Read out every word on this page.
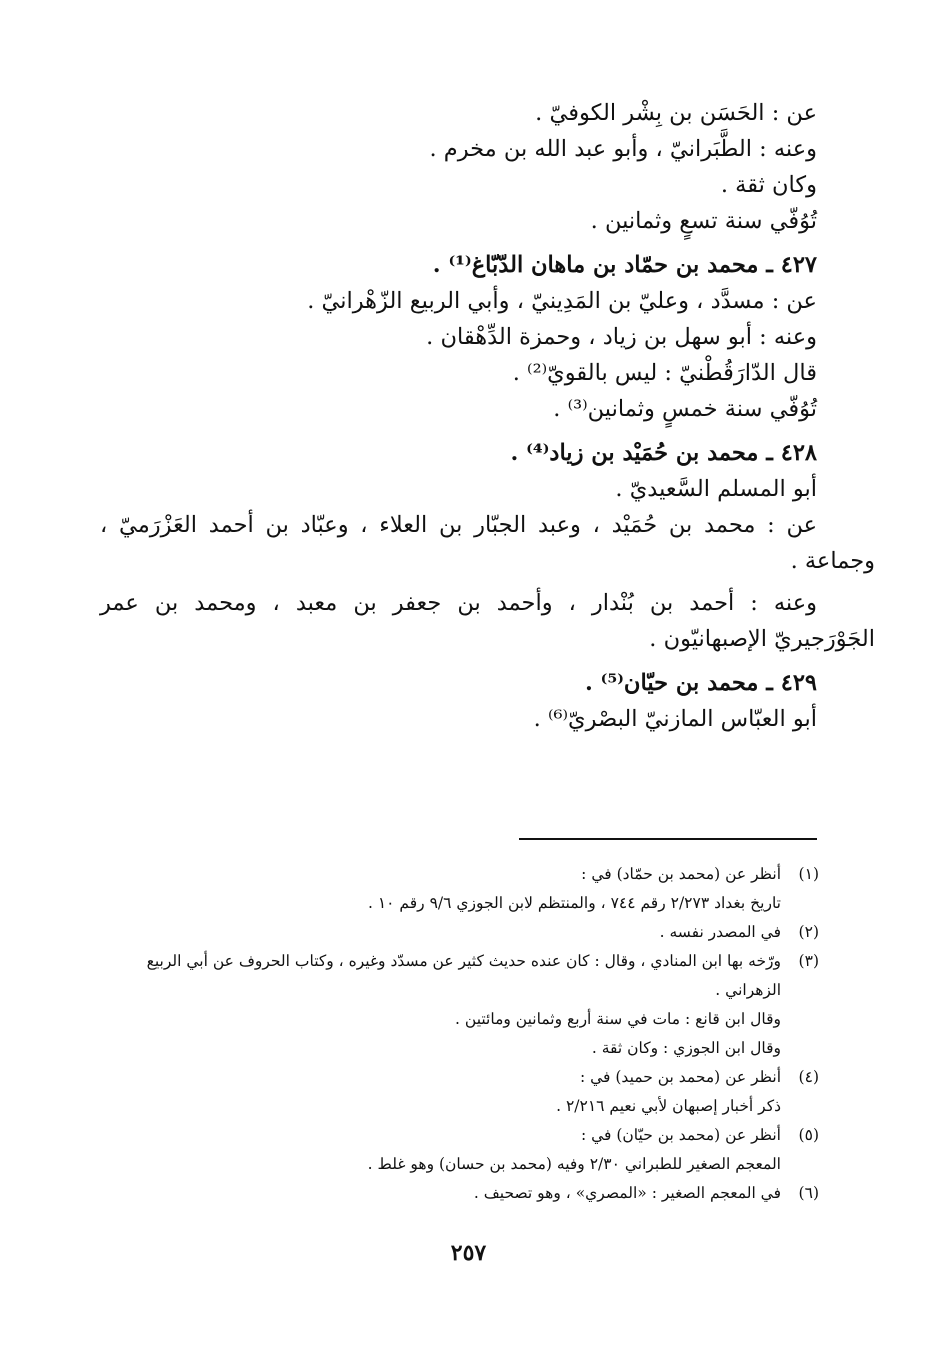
عن : الحَسَن بن بِشْر الكوفيّ .
وعنه : الطَّبَرانيّ ، وأبو عبد الله بن مخرم .
وكان ثقة .
تُوُفّي سنة تسعٍ وثمانين .
٤٢٧ ـ محمد بن حمّاد بن ماهان الدّبّاغ⁽¹⁾ .
عن : مسدَّد ، وعليّ بن المَدِينيّ ، وأبي الربيع الزّهْرانيّ .
وعنه : أبو سهل بن زياد ، وحمزة الدِّهْقان .
قال الدّارَقُطْنيّ : ليس بالقويّ⁽²⁾ .
تُوُفّي سنة خمسٍ وثمانين⁽³⁾ .
٤٢٨ ـ محمد بن حُمَيْد بن زياد⁽⁴⁾ .
أبو المسلم السَّعيديّ .
عن : محمد بن حُمَيْد ، وعبد الجبّار بن العلاء ، وعبّاد بن أحمد العَزْرَميّ ،
وجماعة .
وعنه : أحمد بن بُنْدار ، وأحمد بن جعفر بن معبد ، ومحمد بن عمر
الجَوْرَجيريّ الإصبهانيّون .
٤٢٩ ـ محمد بن حيّان⁽⁵⁾ .
أبو العبّاس المازنيّ البصْريّ⁽⁶⁾ .
(١)
أنظر عن (محمد بن حمّاد) في :
تاريخ بغداد ٢/٢٧٣ رقم ٧٤٤ ، والمنتظم لابن الجوزي ٩/٦ رقم ١٠ .
(٢)
في المصدر نفسه .
(٣)
ورّخه بها ابن المنادي ، وقال : كان عنده حديث كثير عن مسدّد وغيره ، وكتاب الحروف عن أبي الربيع الزهراني .
وقال ابن قانع : مات في سنة أربع وثمانين ومائتين .
وقال ابن الجوزي : وكان ثقة .
(٤)
أنظر عن (محمد بن حميد) في :
ذكر أخبار إصبهان لأبي نعيم ٢/٢١٦ .
(٥)
أنظر عن (محمد بن حيّان) في :
المعجم الصغير للطبراني ٢/٣٠ وفيه (محمد بن حسان) وهو غلط .
(٦)
في المعجم الصغير : «المصري» ، وهو تصحيف .
٢٥٧
